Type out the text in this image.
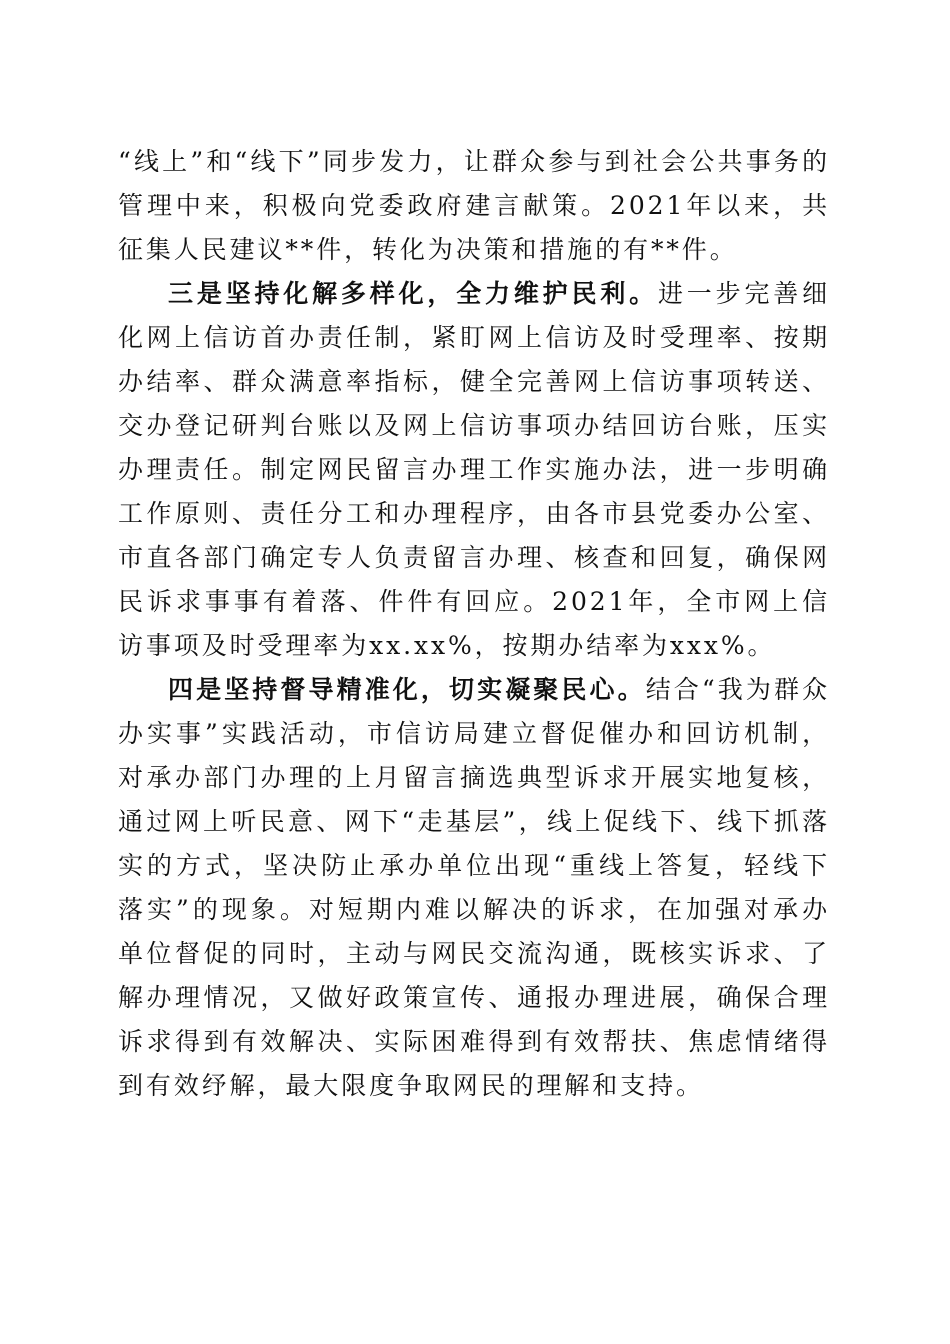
“线上”和“线下”同步发力，让群众参与到社会公共事务的管理中来，积极向党委政府建言献策。2021年以来，共征集人民建议**件，转化为决策和措施的有**件。

三是坚持化解多样化，全力维护民利。进一步完善细化网上信访首办责任制，紧盯网上信访及时受理率、按期办结率、群众满意率指标，健全完善网上信访事项转送、交办登记研判台账以及网上信访事项办结回访台账，压实办理责任。制定网民留言办理工作实施办法，进一步明确工作原则、责任分工和办理程序，由各市县党委办公室、市直各部门确定专人负责留言办理、核查和回复，确保网民诉求事事有着落、件件有回应。2021年，全市网上信访事项及时受理率为xx.xx%，按期办结率为xxx%。

四是坚持督导精准化，切实凝聚民心。结合“我为群众办实事”实践活动，市信访局建立督促催办和回访机制，对承办部门办理的上月留言摘选典型诉求开展实地复核，通过网上听民意、网下“走基层”，线上促线下、线下抓落实的方式，坚决防止承办单位出现“重线上答复，轻线下落实”的现象。对短期内难以解决的诉求，在加强对承办单位督促的同时，主动与网民交流沟通，既核实诉求、了解办理情况，又做好政策宣传、通报办理进展，确保合理诉求得到有效解决、实际困难得到有效帮扶、焦虑情绪得到有效纾解，最大限度争取网民的理解和支持。
